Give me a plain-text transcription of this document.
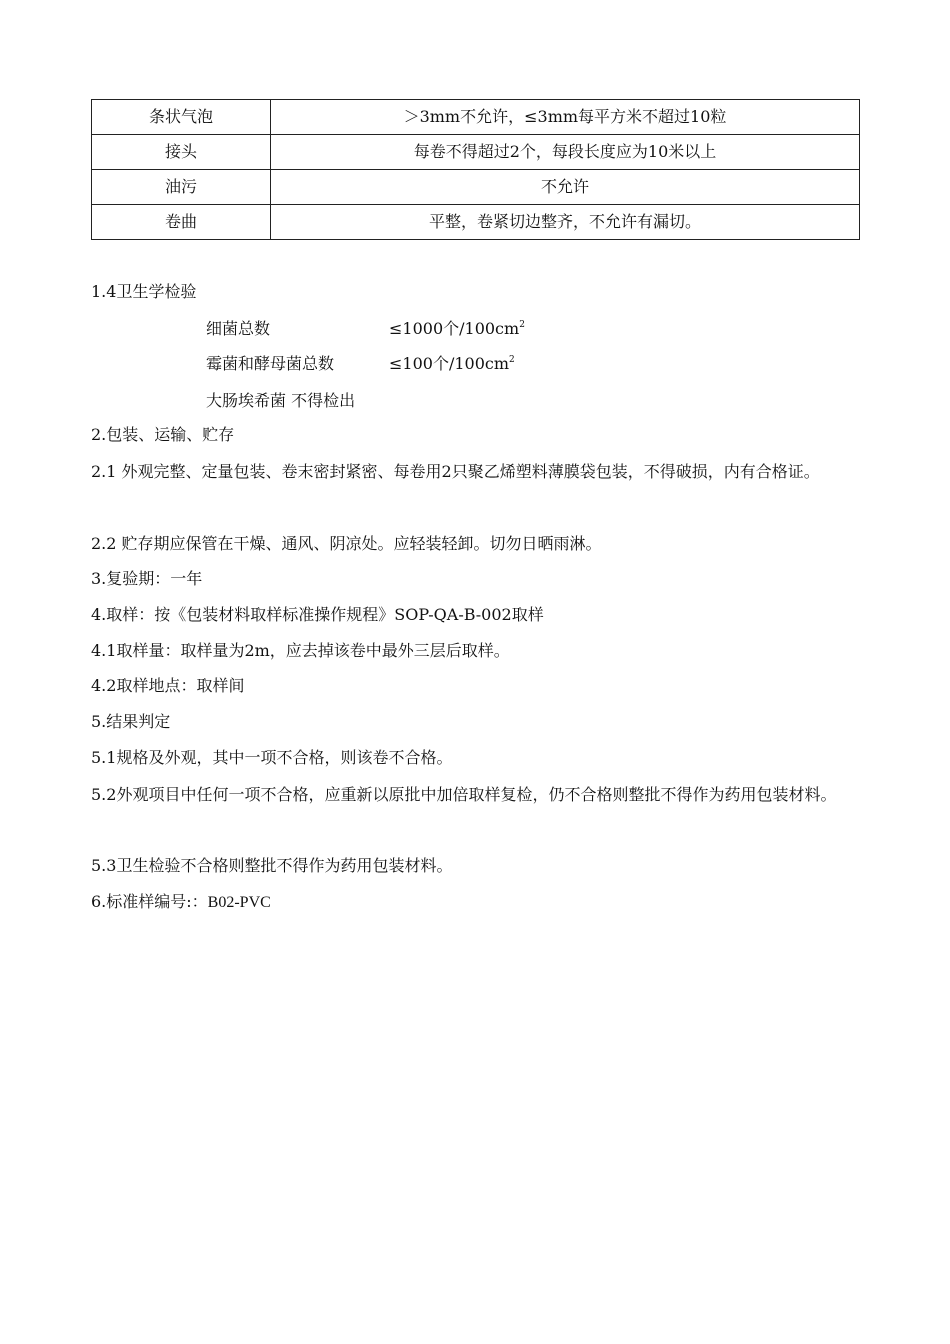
条状气泡	＞3mm不允许，≤3mm每平方米不超过10粒
接头	每卷不得超过2个，每段长度应为10米以上
油污	不允许
卷曲	平整，卷紧切边整齐，不允许有漏切。
1.4卫生学检验
细菌总数	≤1000个$/100cm^2$
霉菌和酵母菌总数	≤100个$/100cm^2$
大肠埃希菌 不得检出
2.包装、运输、贮存
2.1 外观完整、定量包装、卷末密封紧密、每卷用2只聚乙烯塑料薄膜袋包装，不得破损，内有合格证。
2.2 贮存期应保管在干燥、通风、阴凉处。应轻装轻卸。切勿日晒雨淋。
3.复验期：一年
4.取样：按《包装材料取样标准操作规程》SOP-QA-B-002取样
4.1取样量：取样量为2m，应去掉该卷中最外三层后取样。
4.2取样地点：取样间
5.结果判定
5.1规格及外观，其中一项不合格，则该卷不合格。
5.2外观项目中任何一项不合格，应重新以原批中加倍取样复检，仍不合格则整批不得作为药用包装材料。
5.3卫生检验不合格则整批不得作为药用包装材料。
6.标准样编号:：B02-PVC
